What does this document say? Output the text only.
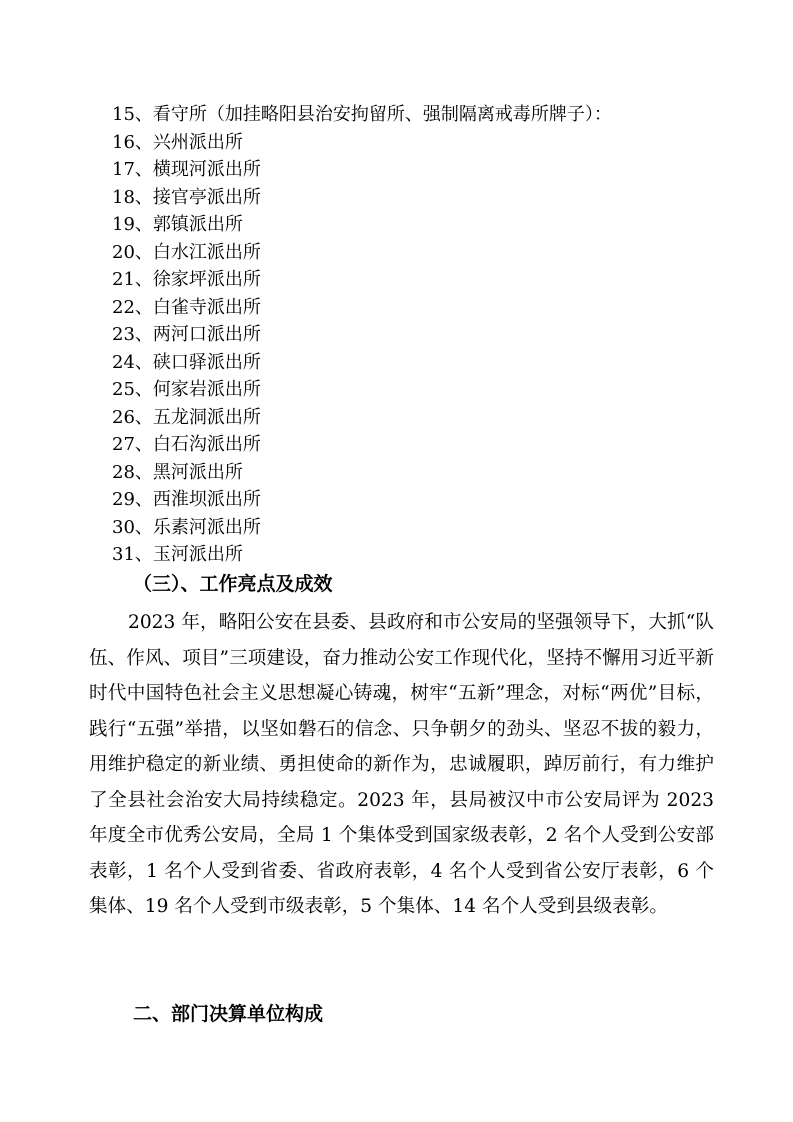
15、看守所（加挂略阳县治安拘留所、强制隔离戒毒所牌子）：
16、兴州派出所
17、横现河派出所
18、接官亭派出所
19、郭镇派出所
20、白水江派出所
21、徐家坪派出所
22、白雀寺派出所
23、两河口派出所
24、硖口驿派出所
25、何家岩派出所
26、五龙洞派出所
27、白石沟派出所
28、黑河派出所
29、西淮坝派出所
30、乐素河派出所
31、玉河派出所
（三）、工作亮点及成效
2023 年，略阳公安在县委、县政府和市公安局的坚强领导下，大抓“队伍、作风、项目”三项建设，奋力推动公安工作现代化，坚持不懈用习近平新时代中国特色社会主义思想凝心铸魂，树牢“五新”理念，对标“两优”目标，践行“五强”举措，以坚如磐石的信念、只争朝夕的劲头、坚忍不拔的毅力，用维护稳定的新业绩、勇担使命的新作为，忠诚履职，踔厉前行，有力维护了全县社会治安大局持续稳定。2023 年，县局被汉中市公安局评为 2023 年度全市优秀公安局，全局 1 个集体受到国家级表彰，2 名个人受到公安部表彰，1 名个人受到省委、省政府表彰，4 名个人受到省公安厅表彰，6 个集体、19 名个人受到市级表彰，5 个集体、14 名个人受到县级表彰。
二、部门决算单位构成
